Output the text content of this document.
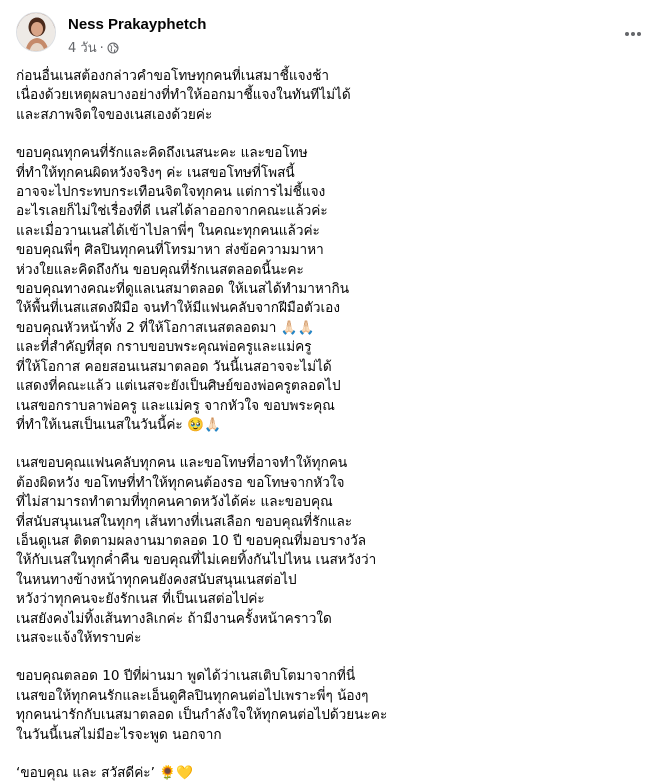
Ness Prakayphetch
4 วัน ·
ก่อนอื่นเนสต้องกล่าวคำขอโทษทุกคนที่เนสมาชี้แจงช้า
เนื่องด้วยเหตุผลบางอย่างที่ทำให้ออกมาชี้แจงในทันทีไม่ได้
และสภาพจิตใจของเนสเองด้วยค่ะ
ขอบคุณทุกคนที่รักและคิดถึงเนสนะคะ และขอโทษ
ที่ทำให้ทุกคนผิดหวังจริงๆ ค่ะ เนสขอโทษที่โพสนี้
อาจจะไปกระทบกระเทือนจิตใจทุกคน แต่การไม่ชี้แจง
อะไรเลยก็ไม่ใช่เรื่องที่ดี เนสได้ลาออกจากคณะแล้วค่ะ
และเมื่อวานเนสได้เข้าไปลาพี่ๆ ในคณะทุกคนแล้วค่ะ
ขอบคุณพี่ๆ ศิลปินทุกคนที่โทรมาหา ส่งข้อความมาหา
ห่วงใยและคิดถึงกัน ขอบคุณที่รักเนสตลอดนี้นะคะ
ขอบคุณทางคณะที่ดูแลเนสมาตลอด ให้เนสได้ทำมาหากิน
ให้พื้นที่เนสแสดงฝีมือ จนทำให้มีแฟนคลับจากฝีมือตัวเอง
ขอบคุณหัวหน้าทั้ง 2 ที่ให้โอกาสเนสตลอดมา 🙏🏻🙏🏻
และที่สำคัญที่สุด กราบขอบพระคุณพ่อครูและแม่ครู
ที่ให้โอกาส คอยสอนเนสมาตลอด วันนี้เนสอาจจะไม่ได้
แสดงที่คณะแล้ว แต่เนสจะยังเป็นศิษย์ของพ่อครูตลอดไป
เนสขอกราบลาพ่อครู และแม่ครู จากหัวใจ ขอบพระคุณ
ที่ทำให้เนสเป็นเนสในวันนี้ค่ะ 🥹🙏🏻
เนสขอบคุณแฟนคลับทุกคน และขอโทษที่อาจทำให้ทุกคน
ต้องผิดหวัง ขอโทษที่ทำให้ทุกคนต้องรอ ขอโทษจากหัวใจ
ที่ไม่สามารถทำตามที่ทุกคนคาดหวังได้ค่ะ และขอบคุณ
ที่สนับสนุนเนสในทุกๆ เส้นทางที่เนสเลือก ขอบคุณที่รักและ
เอ็นดูเนส ติดตามผลงานมาตลอด 10 ปี ขอบคุณที่มอบรางวัล
ให้กับเนสในทุกค่ำคืน ขอบคุณที่ไม่เคยทิ้งกันไปไหน เนสหวังว่า
ในหนทางข้างหน้าทุกคนยังคงสนับสนุนเนสต่อไป
หวังว่าทุกคนจะยังรักเนส ที่เป็นเนสต่อไปค่ะ
เนสยังคงไม่ทิ้งเส้นทางลิเกค่ะ ถ้ามีงานครั้งหน้าคราวใด
เนสจะแจ้งให้ทราบค่ะ
ขอบคุณตลอด 10 ปีที่ผ่านมา พูดได้ว่าเนสเติบโตมาจากที่นี่
เนสขอให้ทุกคนรักและเอ็นดูศิลปินทุกคนต่อไปเพราะพี่ๆ น้องๆ
ทุกคนน่ารักกับเนสมาตลอด เป็นกำลังใจให้ทุกคนต่อไปด้วยนะคะ
ในวันนี้เนสไม่มีอะไรจะพูด นอกจาก
‘ขอบคุณ และ สวัสดีค่ะ’ 🌻💛
